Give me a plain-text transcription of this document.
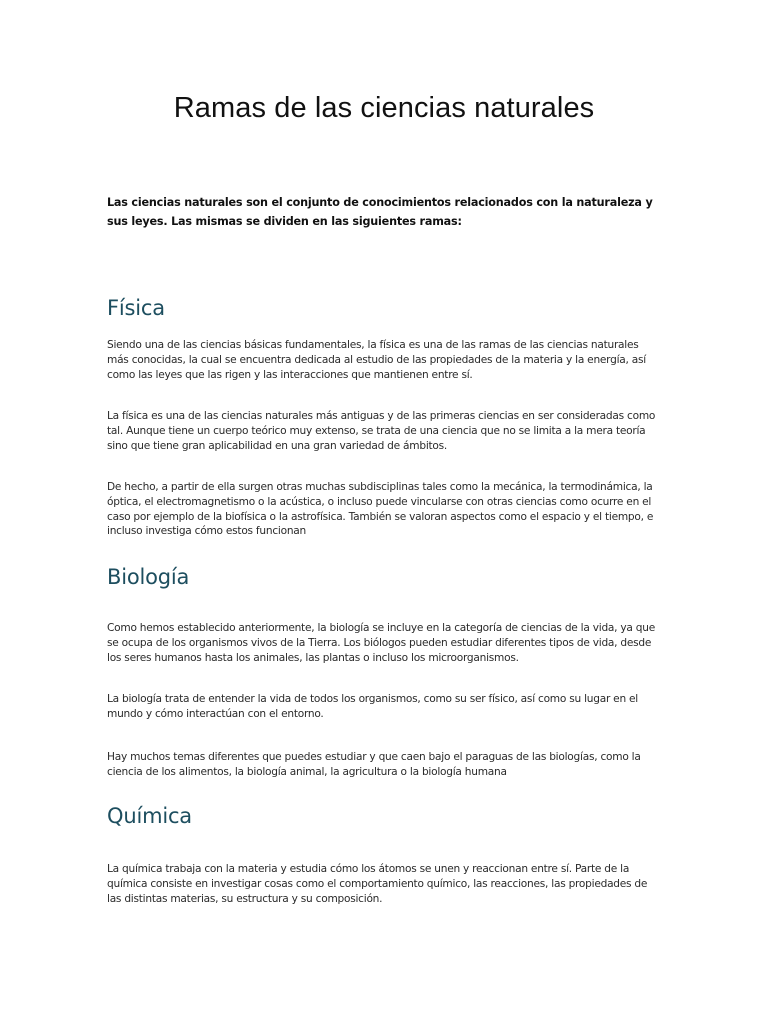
Ramas de las ciencias naturales

Las ciencias naturales son el conjunto de conocimientos relacionados con la naturaleza y sus leyes. Las mismas se dividen en las siguientes ramas:

Física

Siendo una de las ciencias básicas fundamentales, la física es una de las ramas de las ciencias naturales más conocidas, la cual se encuentra dedicada al estudio de las propiedades de la materia y la energía, así como las leyes que las rigen y las interacciones que mantienen entre sí.

La física es una de las ciencias naturales más antiguas y de las primeras ciencias en ser consideradas como tal. Aunque tiene un cuerpo teórico muy extenso, se trata de una ciencia que no se limita a la mera teoría sino que tiene gran aplicabilidad en una gran variedad de ámbitos.

De hecho, a partir de ella surgen otras muchas subdisciplinas tales como la mecánica, la termodinámica, la óptica, el electromagnetismo o la acústica, o incluso puede vincularse con otras ciencias como ocurre en el caso por ejemplo de la biofísica o la astrofísica. También se valoran aspectos como el espacio y el tiempo, e incluso investiga cómo estos funcionan

Biología

Como hemos establecido anteriormente, la biología se incluye en la categoría de ciencias de la vida, ya que se ocupa de los organismos vivos de la Tierra. Los biólogos pueden estudiar diferentes tipos de vida, desde los seres humanos hasta los animales, las plantas o incluso los microorganismos.

La biología trata de entender la vida de todos los organismos, como su ser físico, así como su lugar en el mundo y cómo interactúan con el entorno.

Hay muchos temas diferentes que puedes estudiar y que caen bajo el paraguas de las biologías, como la ciencia de los alimentos, la biología animal, la agricultura o la biología humana

Química

La química trabaja con la materia y estudia cómo los átomos se unen y reaccionan entre sí. Parte de la química consiste en investigar cosas como el comportamiento químico, las reacciones, las propiedades de las distintas materias, su estructura y su composición.
